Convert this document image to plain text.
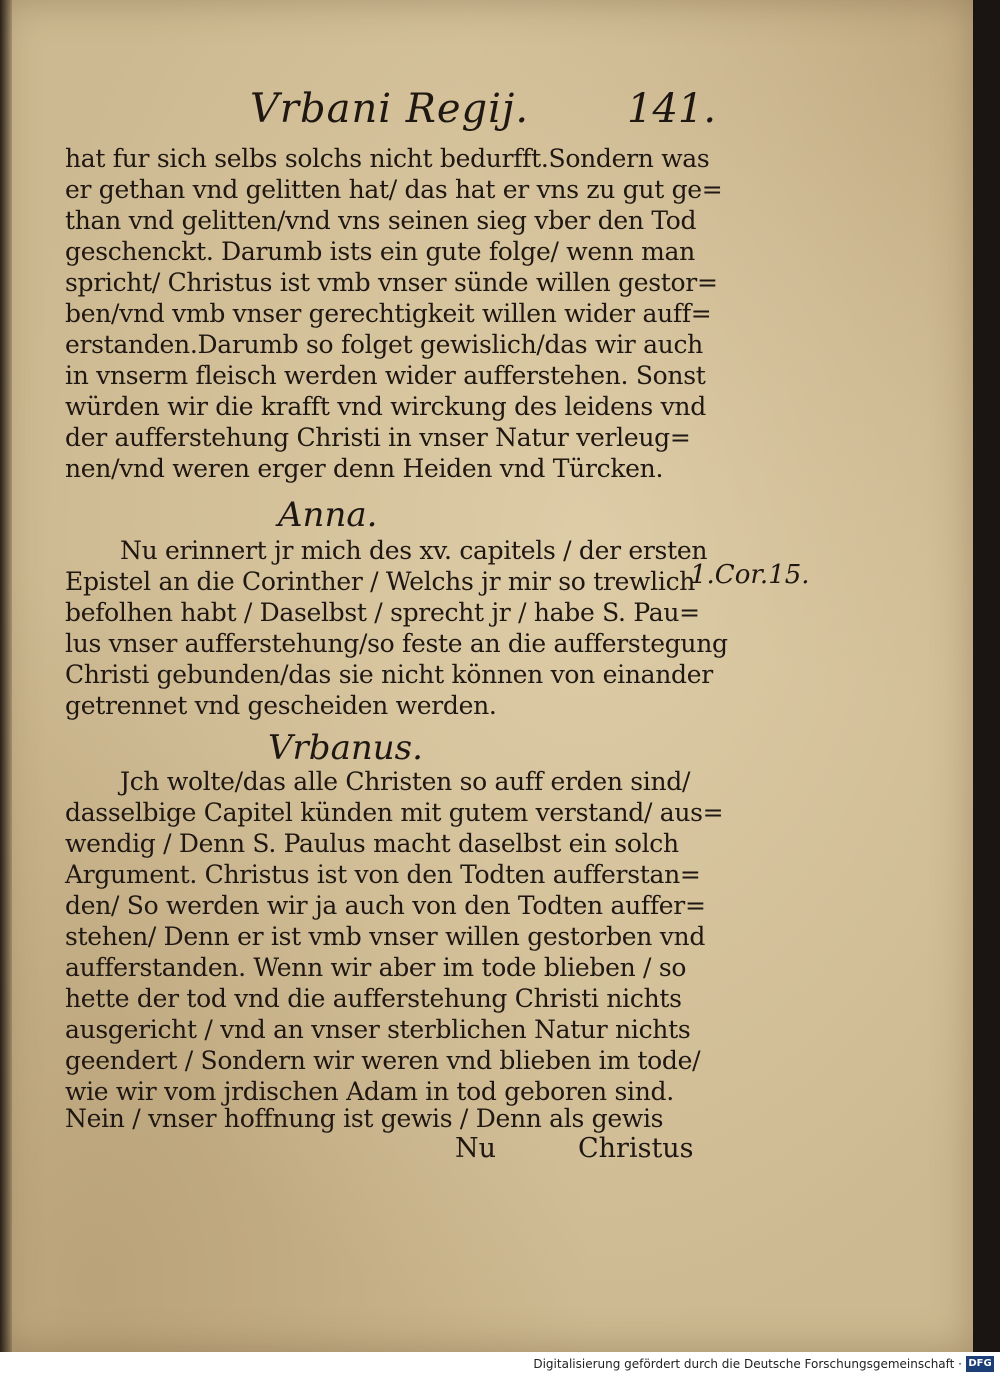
Vrbani Regij. 141.
hat fur sich selbs solchs nicht bedurfft.Sondern was
er gethan vnd gelitten hat/ das hat er vns zu gut ge=
than vnd gelitten/vnd vns seinen sieg vber den Tod
geschenckt. Darumb ists ein gute folge/ wenn man
spricht/ Christus ist vmb vnser sünde willen gestor=
ben/vnd vmb vnser gerechtigkeit willen wider auff=
erstanden.Darumb so folget gewislich/das wir auch
in vnserm fleisch werden wider aufferstehen. Sonst
würden wir die krafft vnd wirckung des leidens vnd
der aufferstehung Christi in vnser Natur verleug=
nen/vnd weren erger denn Heiden vnd Türcken.
Anna.
Nu erinnert jr mich des xv. capitels / der ersten
Epistel an die Corinther / Welchs jr mir so trewlich
befolhen habt / Daselbst / sprecht jr / habe S. Pau=
lus vnser aufferstehung/so feste an die aufferstegung
Christi gebunden/das sie nicht können von einander
getrennet vnd gescheiden werden.
1.Cor.15.
Vrbanus.
Jch wolte/das alle Christen so auff erden sind/
dasselbige Capitel künden mit gutem verstand/ aus=
wendig / Denn S. Paulus macht daselbst ein solch
Argument. Christus ist von den Todten aufferstan=
den/ So werden wir ja auch von den Todten auffer=
stehen/ Denn er ist vmb vnser willen gestorben vnd
aufferstanden. Wenn wir aber im tode blieben / so
hette der tod vnd die aufferstehung Christi nichts
ausgericht / vnd an vnser sterblichen Natur nichts
geendert / Sondern wir weren vnd blieben im tode/
wie wir vom jrdischen Adam in tod geboren sind.
Nein / vnser hoffnung ist gewis / Denn als gewis
Nu	Christus
Digitalisierung gefördert durch die Deutsche Forschungsgemeinschaft · DFG
